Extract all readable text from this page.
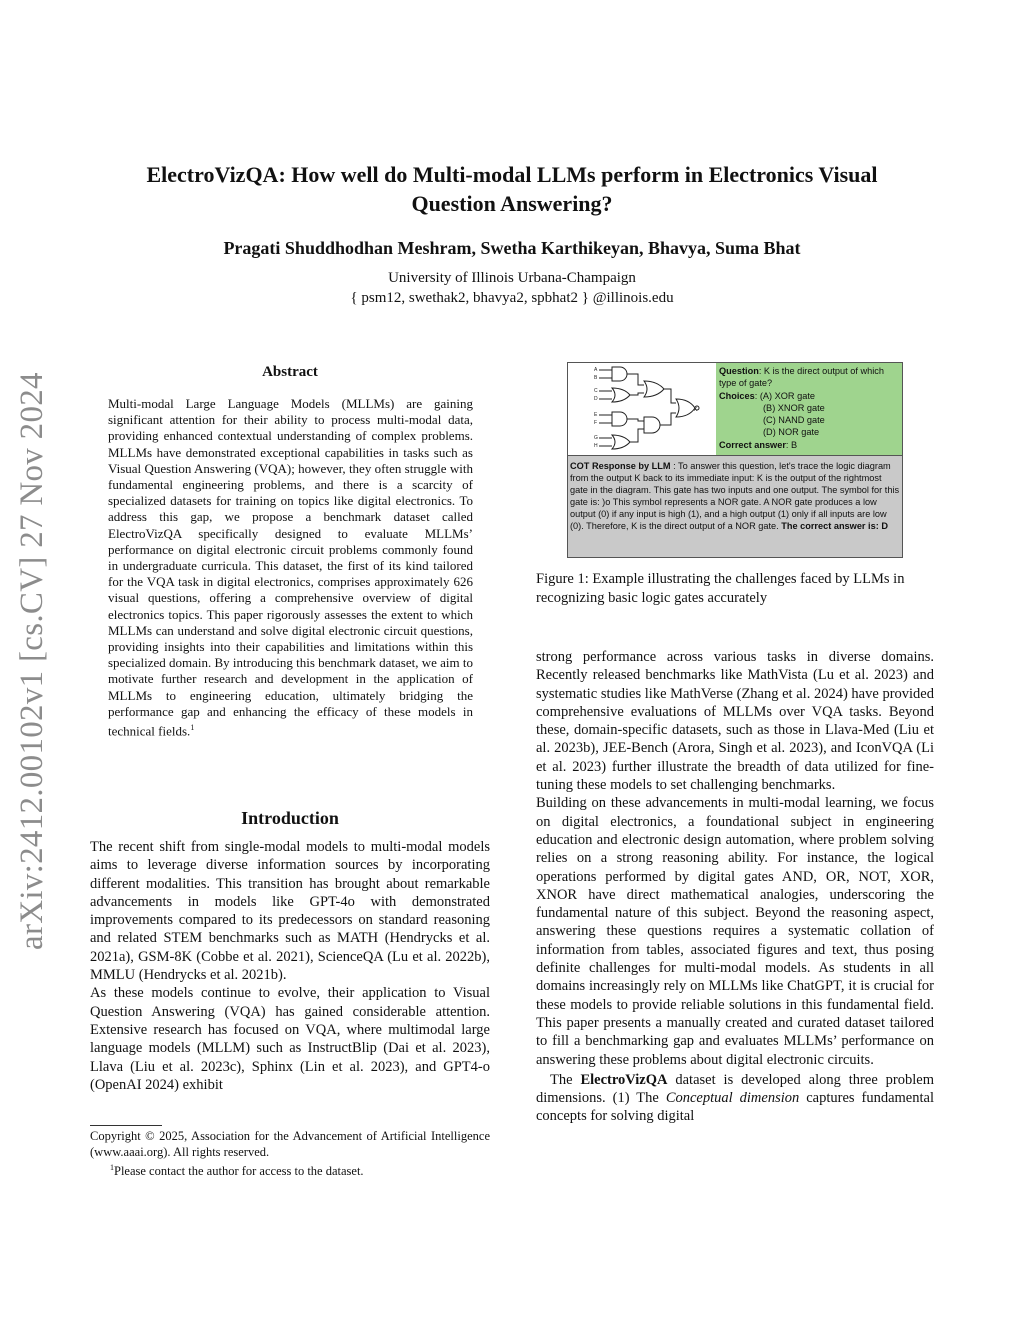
ElectroVizQA: How well do Multi-modal LLMs perform in Electronics Visual
Question Answering?
Pragati Shuddhodhan Meshram, Swetha Karthikeyan, Bhavya, Suma Bhat
University of Illinois Urbana-Champaign
{ psm12, swethak2, bhavya2, spbhat2 } @illinois.edu
arXiv:2412.00102v1 [cs.CV] 27 Nov 2024
Abstract
Multi-modal Large Language Models (MLLMs) are gaining significant attention for their ability to process multi-modal data, providing enhanced contextual understanding of complex problems. MLLMs have demonstrated exceptional capabilities in tasks such as Visual Question Answering (VQA); however, they often struggle with fundamental engineering problems, and there is a scarcity of specialized datasets for training on topics like digital electronics. To address this gap, we propose a benchmark dataset called ElectroVizQA specifically designed to evaluate MLLMs’ performance on digital electronic circuit problems commonly found in undergraduate curricula. This dataset, the first of its kind tailored for the VQA task in digital electronics, comprises approximately 626 visual questions, offering a comprehensive overview of digital electronics topics. This paper rigorously assesses the extent to which MLLMs can understand and solve digital electronic circuit questions, providing insights into their capabilities and limitations within this specialized domain. By introducing this benchmark dataset, we aim to motivate further research and development in the application of MLLMs to engineering education, ultimately bridging the performance gap and enhancing the efficacy of these models in technical fields.$^1$
Introduction

The recent shift from single-modal models to multi-modal models aims to leverage diverse information sources by incorporating different modalities. This transition has brought about remarkable advancements in models like GPT-4o with demonstrated improvements compared to its predecessors on standard reasoning and related STEM benchmarks such as MATH (Hendrycks et al. 2021a), GSM-8K (Cobbe et al. 2021), ScienceQA (Lu et al. 2022b), MMLU (Hendrycks et al. 2021b).

As these models continue to evolve, their application to Visual Question Answering (VQA) has gained considerable attention. Extensive research has focused on VQA, where multimodal large language models (MLLM) such as InstructBlip (Dai et al. 2023), Llava (Liu et al. 2023c), Sphinx (Lin et al. 2023), and GPT4-o (OpenAI 2024) exhibit

Copyright © 2025, Association for the Advancement of Artificial Intelligence (www.aaai.org). All rights reserved.
$^1$Please contact the author for access to the dataset.
A
B
C
D
E
F
G
H
K
Question: K is the direct output of which type of gate?
Choices: (A) XOR gate
(B) XNOR gate
(C) NAND gate
(D) NOR gate
Correct answer: B
COT Response by LLM : To answer this question, let's trace the logic diagram from the output K back to its immediate input: K is the output of the rightmost gate in the diagram. This gate has two inputs and one output. The symbol for this gate is: )o This symbol represents a NOR gate. A NOR gate produces a low output (0) if any input is high (1), and a high output (1) only if all inputs are low (0). Therefore, K is the direct output of a NOR gate. The correct answer is: D
Figure 1: Example illustrating the challenges faced by LLMs in recognizing basic logic gates accurately

strong performance across various tasks in diverse domains. Recently released benchmarks like MathVista (Lu et al. 2023) and systematic studies like MathVerse (Zhang et al. 2024) have provided comprehensive evaluations of MLLMs over VQA tasks. Beyond these, domain-specific datasets, such as those in Llava-Med (Liu et al. 2023b), JEE-Bench (Arora, Singh et al. 2023), and IconVQA (Li et al. 2023) further illustrate the breadth of data utilized for fine-tuning these models to set challenging benchmarks.

Building on these advancements in multi-modal learning, we focus on digital electronics, a foundational subject in engineering education and electronic design automation, where problem solving relies on a strong reasoning ability. For instance, the logical operations performed by digital gates AND, OR, NOT, XOR, XNOR have direct mathematical analogies, underscoring the fundamental nature of this subject. Beyond the reasoning aspect, answering these questions requires a systematic collation of information from tables, associated figures and text, thus posing definite challenges for multi-modal models. As students in all domains increasingly rely on MLLMs like ChatGPT, it is crucial for these models to provide reliable solutions in this fundamental field. This paper presents a manually created and curated dataset tailored to fill a benchmarking gap and evaluates MLLMs’ performance on answering these problems about digital electronic circuits.

The ElectroVizQA dataset is developed along three problem dimensions. (1) The Conceptual dimension captures fundamental concepts for solving digital
